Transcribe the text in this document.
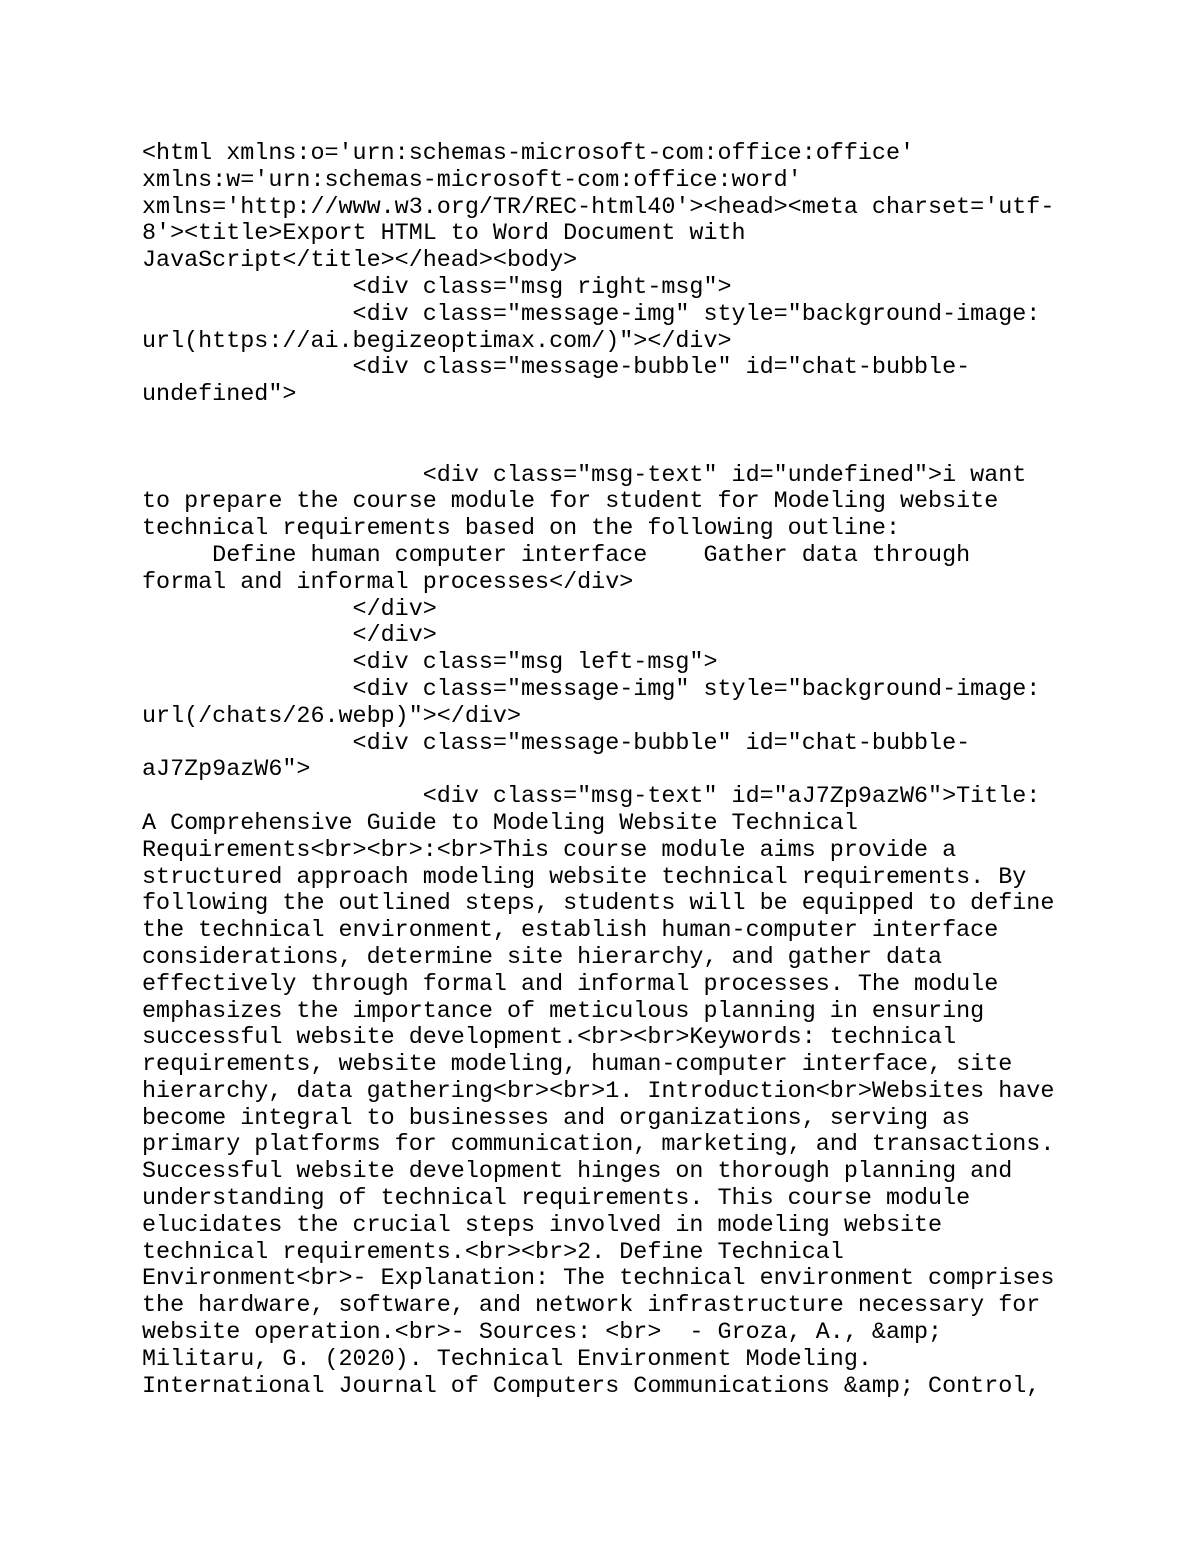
<html xmlns:o='urn:schemas-microsoft-com:office:office'
xmlns:w='urn:schemas-microsoft-com:office:word'
xmlns='http://www.w3.org/TR/REC-html40'><head><meta charset='utf-
8'><title>Export HTML to Word Document with
JavaScript</title></head><body>
<div class="msg right-msg">
<div class="message-img" style="background-image:
url(https://ai.begizeoptimax.com/)"></div>
<div class="message-bubble" id="chat-bubble-
undefined">
<div class="msg-text" id="undefined">i want
to prepare the course module for student for Modeling website
technical requirements based on the following outline:
Define human computer interface    Gather data through
formal and informal processes</div>
</div>
</div>
<div class="msg left-msg">
<div class="message-img" style="background-image:
url(/chats/26.webp)"></div>
<div class="message-bubble" id="chat-bubble-
aJ7Zp9azW6">
<div class="msg-text" id="aJ7Zp9azW6">Title:
A Comprehensive Guide to Modeling Website Technical
Requirements<br><br>:<br>This course module aims provide a
structured approach modeling website technical requirements. By
following the outlined steps, students will be equipped to define
the technical environment, establish human-computer interface
considerations, determine site hierarchy, and gather data
effectively through formal and informal processes. The module
emphasizes the importance of meticulous planning in ensuring
successful website development.<br><br>Keywords: technical
requirements, website modeling, human-computer interface, site
hierarchy, data gathering<br><br>1. Introduction<br>Websites have
become integral to businesses and organizations, serving as
primary platforms for communication, marketing, and transactions.
Successful website development hinges on thorough planning and
understanding of technical requirements. This course module
elucidates the crucial steps involved in modeling website
technical requirements.<br><br>2. Define Technical
Environment<br>- Explanation: The technical environment comprises
the hardware, software, and network infrastructure necessary for
website operation.<br>- Sources: <br>  - Groza, A., &amp;
Militaru, G. (2020). Technical Environment Modeling.
International Journal of Computers Communications &amp; Control,
